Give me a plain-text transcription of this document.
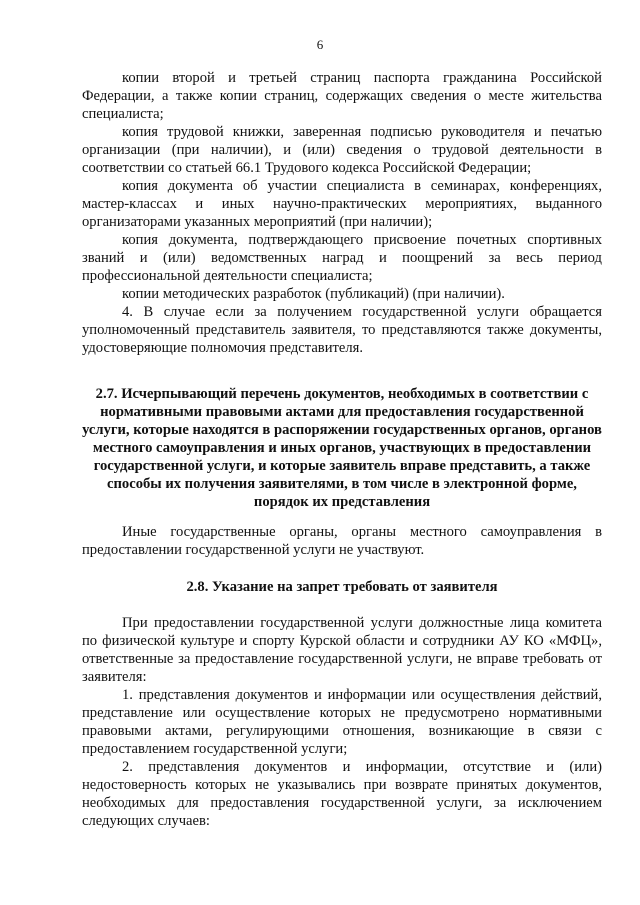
6

копии второй и третьей страниц паспорта гражданина Российской Федерации, а также копии страниц, содержащих сведения о месте жительства специалиста;

копия трудовой книжки, заверенная подписью руководителя и печатью организации (при наличии), и (или) сведения о трудовой деятельности в соответствии со статьей 66.1 Трудового кодекса Российской Федерации;

копия документа об участии специалиста в семинарах, конференциях, мастер-классах и иных научно-практических мероприятиях, выданного организаторами указанных мероприятий (при наличии);

копия документа, подтверждающего присвоение почетных спортивных званий и (или) ведомственных наград и поощрений за весь период профессиональной деятельности специалиста;

копии методических разработок (публикаций) (при наличии).

4. В случае если за получением государственной услуги обращается уполномоченный представитель заявителя, то представляются также документы, удостоверяющие полномочия представителя.

2.7. Исчерпывающий перечень документов, необходимых в соответствии с нормативными правовыми актами для предоставления государственной услуги, которые находятся в распоряжении государственных органов, органов местного самоуправления и иных органов, участвующих в предоставлении государственной услуги, и которые заявитель вправе представить, а также способы их получения заявителями, в том числе в электронной форме, порядок их представления

Иные государственные органы, органы местного самоуправления в предоставлении государственной услуги не участвуют.

2.8. Указание на запрет требовать от заявителя

При предоставлении государственной услуги должностные лица комитета по физической культуре и спорту Курской области и сотрудники АУ КО «МФЦ», ответственные за предоставление государственной услуги, не вправе требовать от заявителя:

1. представления документов и информации или осуществления действий, представление или осуществление которых не предусмотрено нормативными правовыми актами, регулирующими отношения, возникающие в связи с предоставлением государственной услуги;

2. представления документов и информации, отсутствие и (или) недостоверность которых не указывались при возврате принятых документов, необходимых для предоставления государственной услуги, за исключением следующих случаев:
